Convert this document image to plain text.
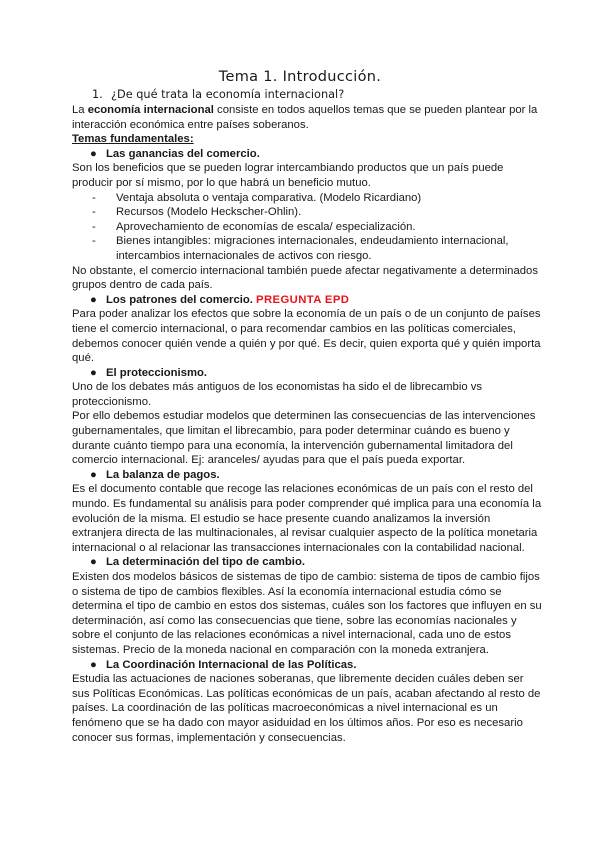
Tema 1. Introducción.
1. ¿De qué trata la economía internacional?

La economía internacional consiste en todos aquellos temas que se pueden plantear por la interacción económica entre países soberanos.

Temas fundamentales:

● Las ganancias del comercio.

Son los beneficios que se pueden lograr intercambiando productos que un país puede producir por sí mismo, por lo que habrá un beneficio mutuo.

-	Ventaja absoluta o ventaja comparativa. (Modelo Ricardiano)
-	Recursos (Modelo Heckscher-Ohlin).
-	Aprovechamiento de economías de escala/ especialización.
-	Bienes intangibles: migraciones internacionales, endeudamiento internacional, intercambios internacionales de activos con riesgo.

No obstante, el comercio internacional también puede afectar negativamente a determinados grupos dentro de cada país.

● Los patrones del comercio. PREGUNTA EPD

Para poder analizar los efectos que sobre la economía de un país o de un conjunto de países tiene el comercio internacional, o para recomendar cambios en las políticas comerciales, debemos conocer quién vende a quién y por qué. Es decir, quien exporta qué y quién importa qué.

● El proteccionismo.

Uno de los debates más antiguos de los economistas ha sido el de librecambio vs proteccionismo.

Por ello debemos estudiar modelos que determinen las consecuencias de las intervenciones gubernamentales, que limitan el librecambio, para poder determinar cuándo es bueno y durante cuánto tiempo para una economía, la intervención gubernamental limitadora del comercio internacional. Ej: aranceles/ ayudas para que el país pueda exportar.

● La balanza de pagos.

Es el documento contable que recoge las relaciones económicas de un país con el resto del mundo. Es fundamental su análisis para poder comprender qué implica para una economía la evolución de la misma. El estudio se hace presente cuando analizamos la inversión extranjera directa de las multinacionales, al revisar cualquier aspecto de la política monetaria internacional o al relacionar las transacciones internacionales con la contabilidad nacional.

● La determinación del tipo de cambio.

Existen dos modelos básicos de sistemas de tipo de cambio: sistema de tipos de cambio fijos o sistema de tipo de cambios flexibles. Así la economía internacional estudia cómo se determina el tipo de cambio en estos dos sistemas, cuáles son los factores que influyen en su determinación, así como las consecuencias que tiene, sobre las economías nacionales y sobre el conjunto de las relaciones económicas a nivel internacional, cada uno de estos sistemas. Precio de la moneda nacional en comparación con la moneda extranjera.

● La Coordinación Internacional de las Políticas.

Estudia las actuaciones de naciones soberanas, que libremente deciden cuáles deben ser sus Políticas Económicas. Las políticas económicas de un país, acaban afectando al resto de países. La coordinación de las políticas macroeconómicas a nivel internacional es un fenómeno que se ha dado con mayor asiduidad en los últimos años. Por eso es necesario conocer sus formas, implementación y consecuencias.
